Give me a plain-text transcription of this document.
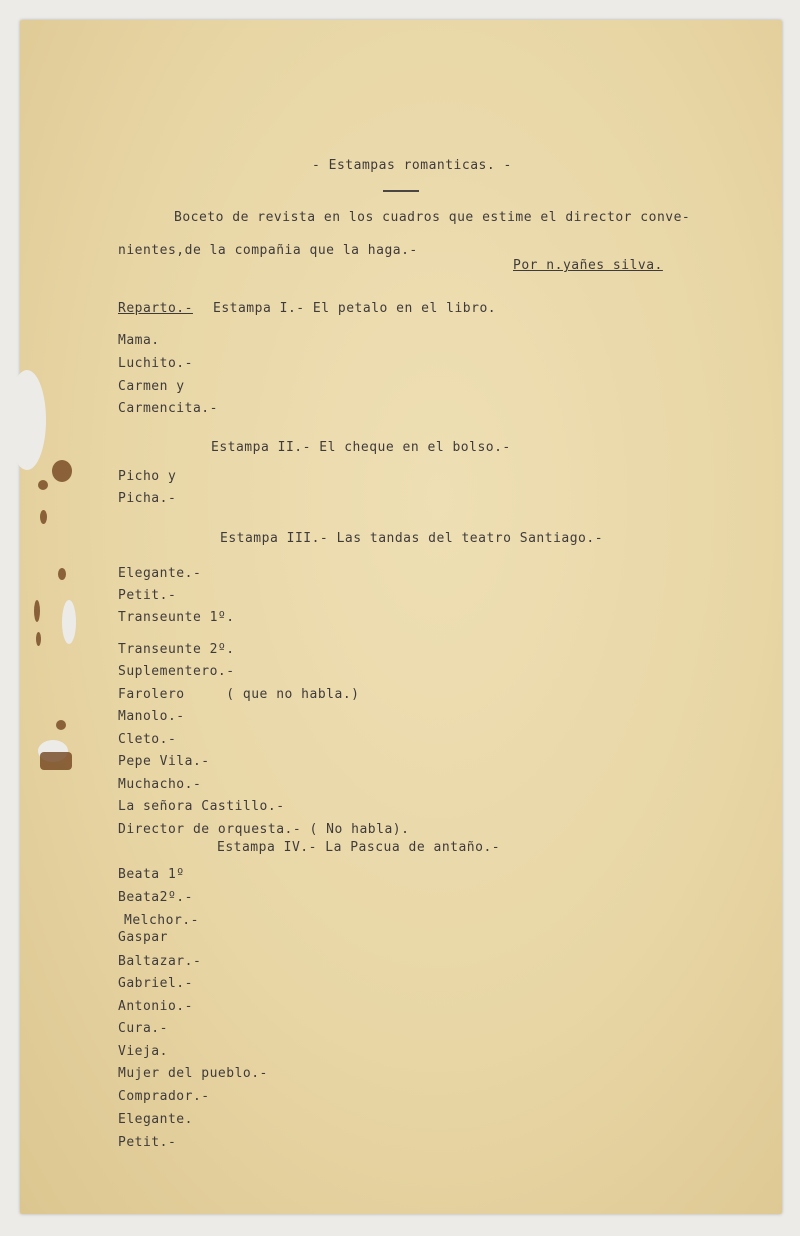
- Estampas romanticas. -
Boceto de revista en los cuadros que estime el director conve-
nientes,de la compañia que la haga.-
Por n.yañes silva.
Reparto.- Estampa I.- El petalo en el libro.
Mama.
Luchito.-
Carmen y
Carmencita.-
Estampa II.- El cheque en el bolso.-
Picho y
Picha.-
Estampa III.- Las tandas del teatro Santiago.-
Elegante.-
Petit.-
Transeunte 1º.
Transeunte 2º.
Suplementero.-
Farolero     ( que no habla.)
Manolo.-
Cleto.-
Pepe Vila.-
Muchacho.-
La señora Castillo.-
Director de orquesta.- ( No habla).
Estampa IV.- La Pascua de antaño.-
Beata 1º
Beata2º.-
Melchor.-
Gaspar
Baltazar.-
Gabriel.-
Antonio.-
Cura.-
Vieja.
Mujer del pueblo.-
Comprador.-
Elegante.
Petit.-
